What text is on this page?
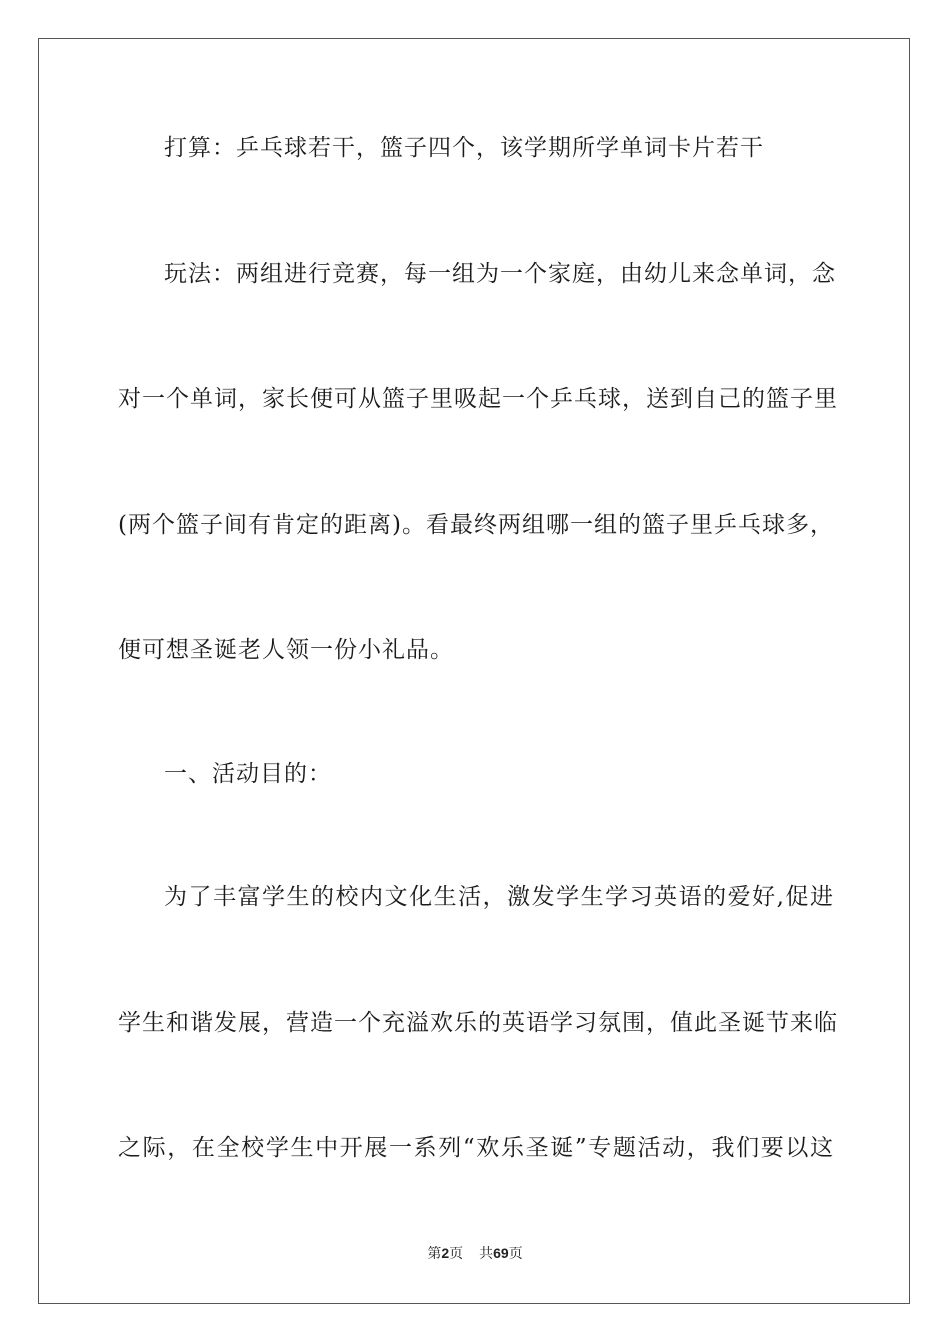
打算：乒乓球若干，篮子四个，该学期所学单词卡片若干
玩法：两组进行竞赛，每一组为一个家庭，由幼儿来念单词，念
对一个单词，家长便可从篮子里吸起一个乒乓球，送到自己的篮子里
(两个篮子间有肯定的距离)。看最终两组哪一组的篮子里乒乓球多，
便可想圣诞老人领一份小礼品。
一、活动目的：
为了丰富学生的校内文化生活，激发学生学习英语的爱好,促进
学生和谐发展，营造一个充溢欢乐的英语学习氛围，值此圣诞节来临
之际，在全校学生中开展一系列“欢乐圣诞”专题活动，我们要以这
第2页 共69页
